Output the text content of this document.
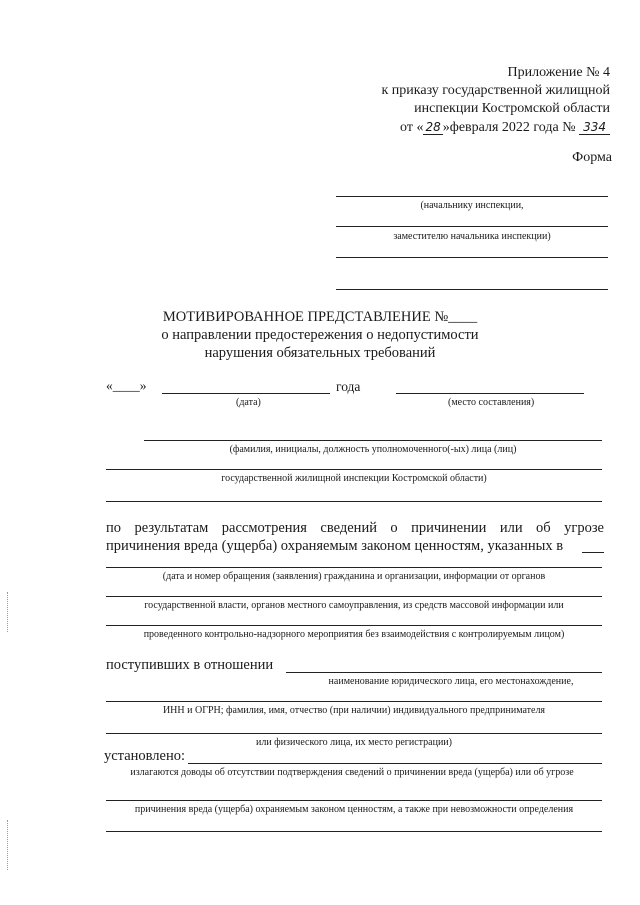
Приложение № 4
к приказу государственной жилищной
инспекции Костромской области
от « 28 »февраля 2022 года № 334
Форма
(начальнику инспекции,
заместителю начальника инспекции)
МОТИВИРОВАННОЕ ПРЕДСТАВЛЕНИЕ №____
о направлении предостережения о недопустимости
нарушения обязательных требований
«____»	года
(дата)	(место составления)
(фамилия, инициалы, должность уполномоченного(-ых) лица (лиц)
государственной жилищной инспекции Костромской области)
по результатам рассмотрения сведений о причинении или об угрозе
причинения вреда (ущерба) охраняемым законом ценностям, указанных в
(дата и номер обращения (заявления) гражданина и организации, информации от органов
государственной власти, органов местного самоуправления, из средств массовой информации или
проведенного контрольно-надзорного мероприятия без взаимодействия с контролируемым лицом)
поступивших в отношении
наименование юридического лица, его местонахождение,
ИНН и ОГРН; фамилия, имя, отчество (при наличии) индивидуального предпринимателя
или физического лица, их место регистрации)
установлено:
излагаются доводы об отсутствии подтверждения сведений о причинении вреда (ущерба) или об угрозе
причинения вреда (ущерба) охраняемым законом ценностям, а также при невозможности определения
